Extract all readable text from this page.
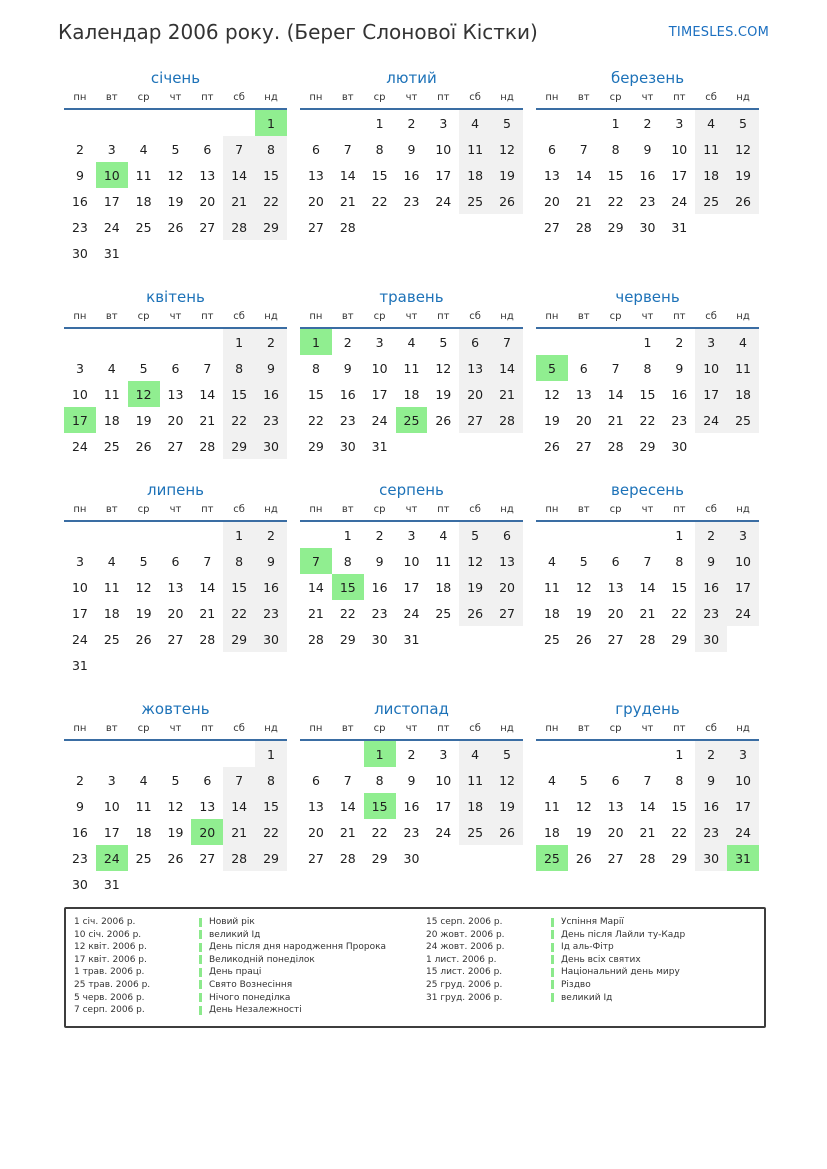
Календар 2006 року. (Берег Слонової Кістки)	TIMESLES.COM
січень
пн	вт	ср	чт	пт	сб	нд
						1
2	3	4	5	6	7	8
9	10	11	12	13	14	15
16	17	18	19	20	21	22
23	24	25	26	27	28	29
30	31					
лютий
пн	вт	ср	чт	пт	сб	нд
		1	2	3	4	5
6	7	8	9	10	11	12
13	14	15	16	17	18	19
20	21	22	23	24	25	26
27	28					
березень
пн	вт	ср	чт	пт	сб	нд
		1	2	3	4	5
6	7	8	9	10	11	12
13	14	15	16	17	18	19
20	21	22	23	24	25	26
27	28	29	30	31		
квітень
пн	вт	ср	чт	пт	сб	нд
					1	2
3	4	5	6	7	8	9
10	11	12	13	14	15	16
17	18	19	20	21	22	23
24	25	26	27	28	29	30
травень
пн	вт	ср	чт	пт	сб	нд
1	2	3	4	5	6	7
8	9	10	11	12	13	14
15	16	17	18	19	20	21
22	23	24	25	26	27	28
29	30	31				
червень
пн	вт	ср	чт	пт	сб	нд
			1	2	3	4
5	6	7	8	9	10	11
12	13	14	15	16	17	18
19	20	21	22	23	24	25
26	27	28	29	30		
липень
пн	вт	ср	чт	пт	сб	нд
					1	2
3	4	5	6	7	8	9
10	11	12	13	14	15	16
17	18	19	20	21	22	23
24	25	26	27	28	29	30
31						
серпень
пн	вт	ср	чт	пт	сб	нд
	1	2	3	4	5	6
7	8	9	10	11	12	13
14	15	16	17	18	19	20
21	22	23	24	25	26	27
28	29	30	31			
вересень
пн	вт	ср	чт	пт	сб	нд
				1	2	3
4	5	6	7	8	9	10
11	12	13	14	15	16	17
18	19	20	21	22	23	24
25	26	27	28	29	30	
жовтень
пн	вт	ср	чт	пт	сб	нд
						1
2	3	4	5	6	7	8
9	10	11	12	13	14	15
16	17	18	19	20	21	22
23	24	25	26	27	28	29
30	31					
листопад
пн	вт	ср	чт	пт	сб	нд
		1	2	3	4	5
6	7	8	9	10	11	12
13	14	15	16	17	18	19
20	21	22	23	24	25	26
27	28	29	30			
грудень
пн	вт	ср	чт	пт	сб	нд
				1	2	3
4	5	6	7	8	9	10
11	12	13	14	15	16	17
18	19	20	21	22	23	24
25	26	27	28	29	30	31
1 січ. 2006 р.	Новий рік
10 січ. 2006 р.	великий Ід
12 квіт. 2006 р.	День після дня народження Пророка
17 квіт. 2006 р.	Великодній понеділок
1 трав. 2006 р.	День праці
25 трав. 2006 р.	Свято Вознесіння
5 черв. 2006 р.	Нічого понеділка
7 серп. 2006 р.	День Незалежності
15 серп. 2006 р.	Успіння Марії
20 жовт. 2006 р.	День після Лайли ту-Кадр
24 жовт. 2006 р.	Ід аль-Фітр
1 лист. 2006 р.	День всіх святих
15 лист. 2006 р.	Національний день миру
25 груд. 2006 р.	Різдво
31 груд. 2006 р.	великий Ід
